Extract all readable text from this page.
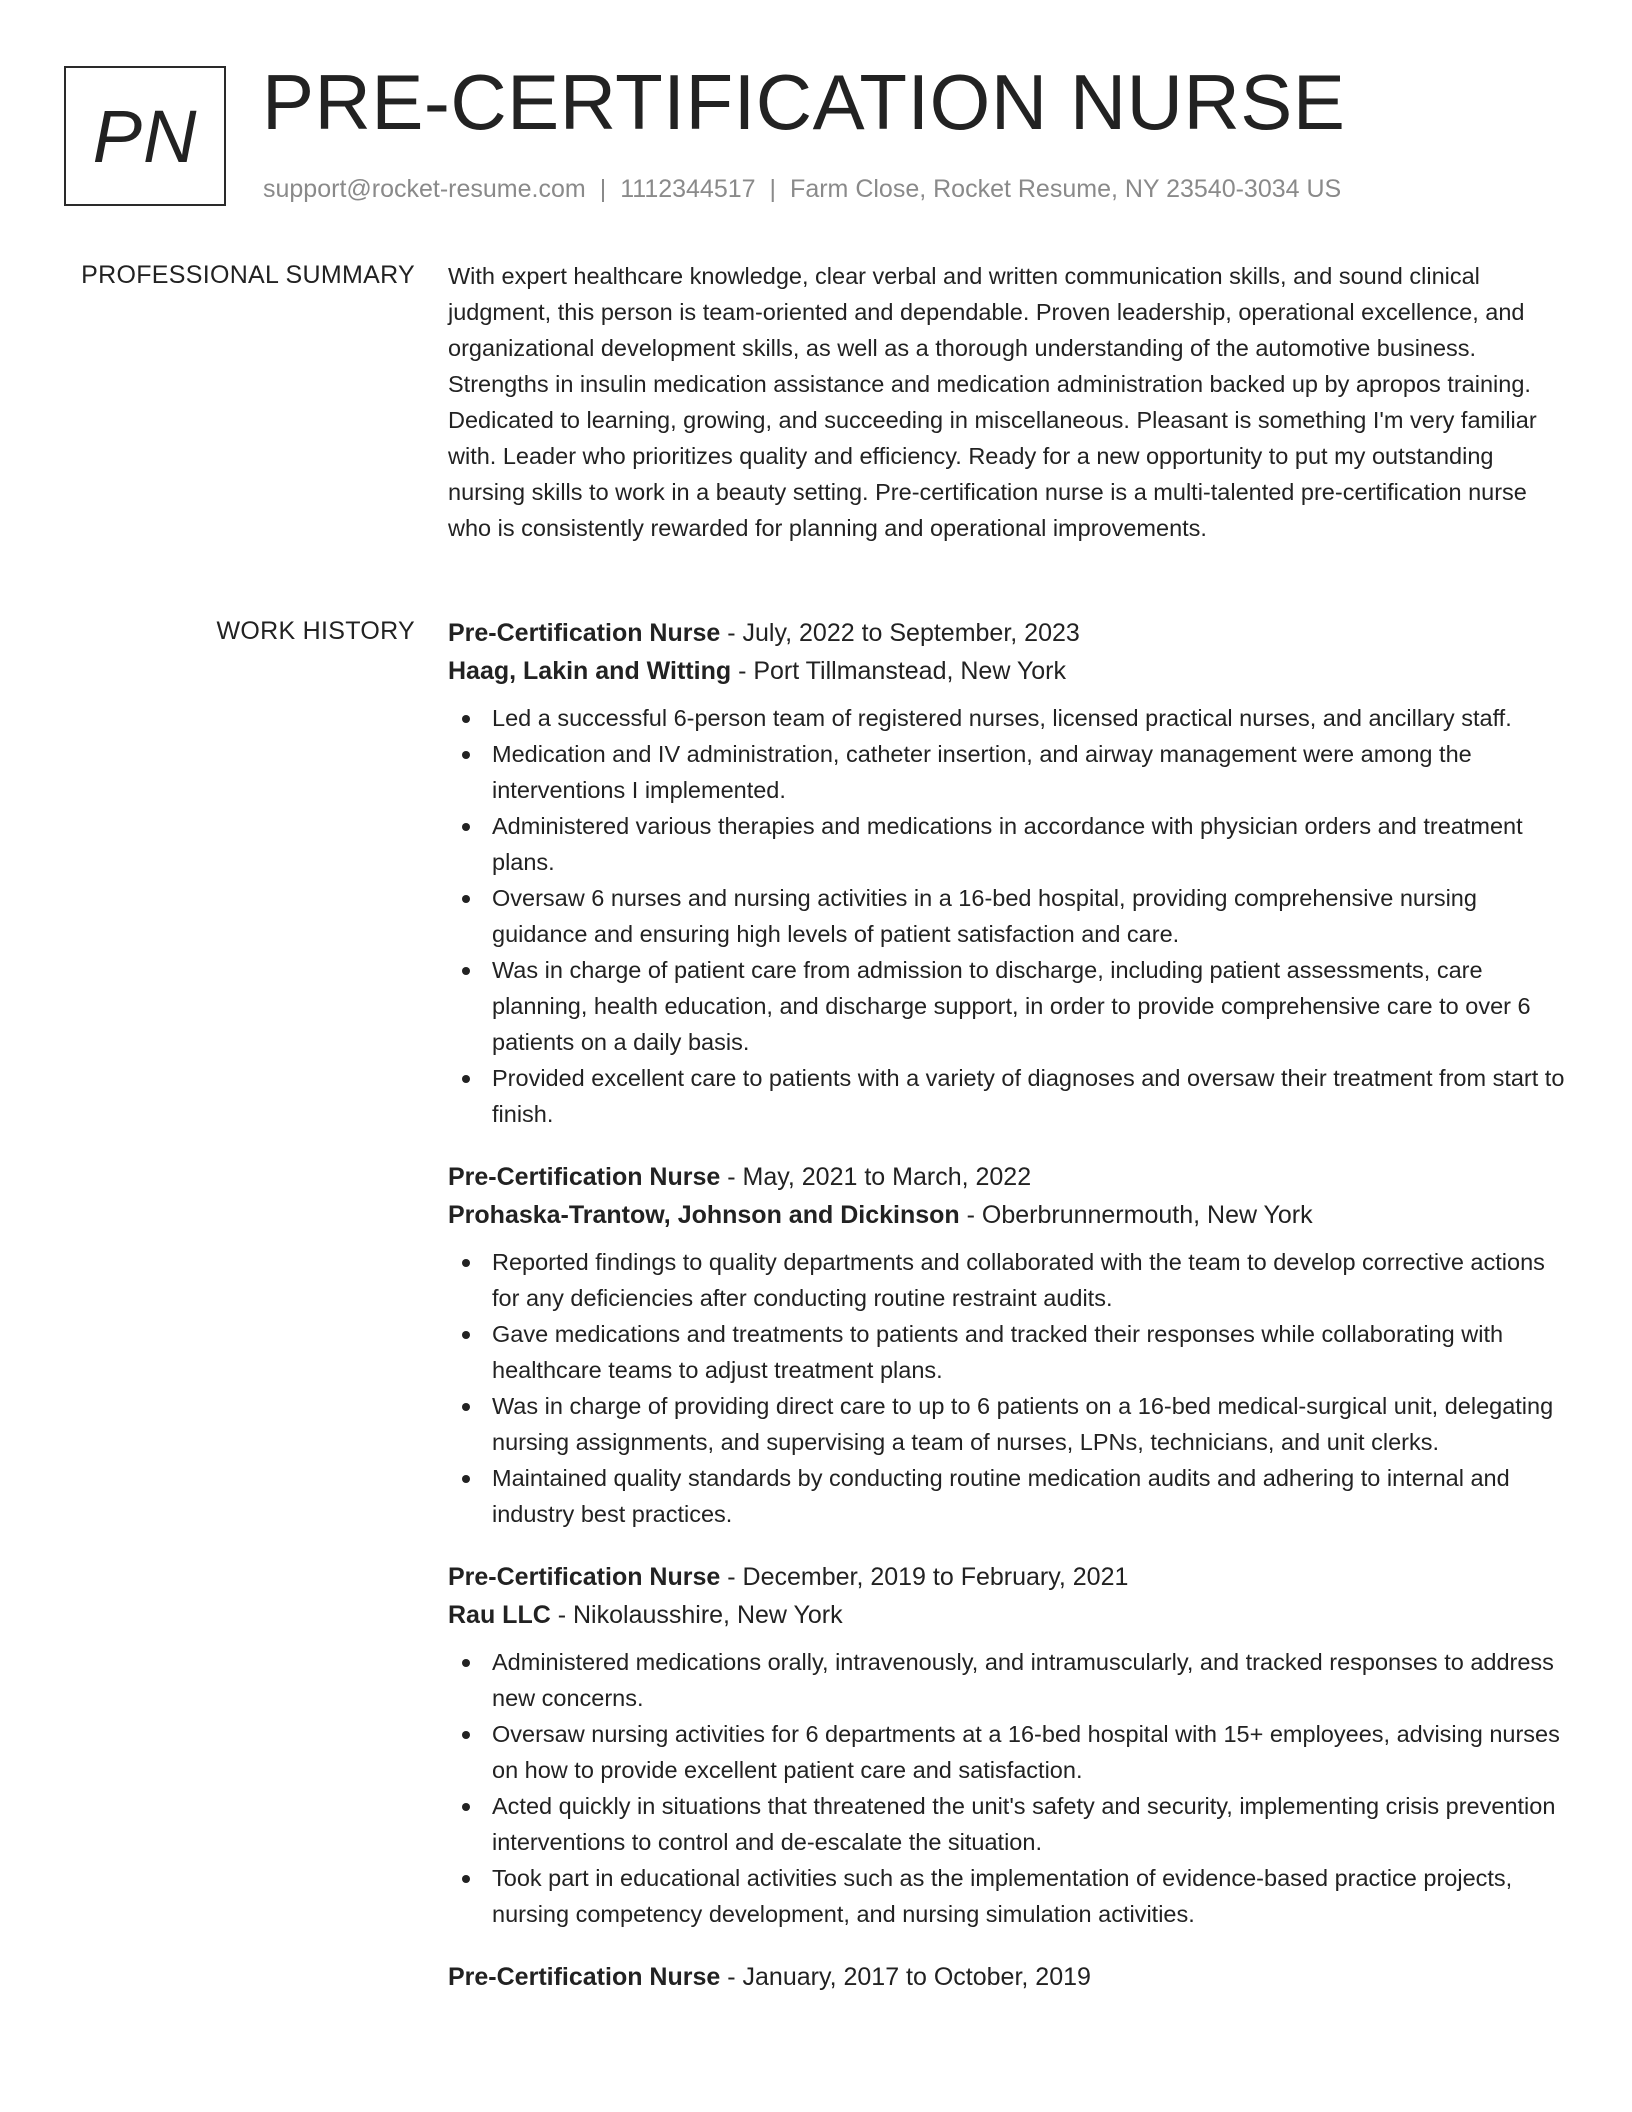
PN PRE-CERTIFICATION NURSE
support@rocket-resume.com | 1112344517 | Farm Close, Rocket Resume, NY 23540-3034 US
PROFESSIONAL SUMMARY With expert healthcare knowledge, clear verbal and written communication skills, and sound clinical judgment, this person is team-oriented and dependable. Proven leadership, operational excellence, and organizational development skills, as well as a thorough understanding of the automotive business. Strengths in insulin medication assistance and medication administration backed up by apropos training. Dedicated to learning, growing, and succeeding in miscellaneous. Pleasant is something I'm very familiar with. Leader who prioritizes quality and efficiency. Ready for a new opportunity to put my outstanding nursing skills to work in a beauty setting. Pre-certification nurse is a multi-talented pre-certification nurse who is consistently rewarded for planning and operational improvements.

WORK HISTORY Pre-Certification Nurse - July, 2022 to September, 2023
Haag, Lakin and Witting - Port Tillmanstead, New York
Led a successful 6-person team of registered nurses, licensed practical nurses, and ancillary staff.
Medication and IV administration, catheter insertion, and airway management were among the interventions I implemented.
Administered various therapies and medications in accordance with physician orders and treatment plans.
Oversaw 6 nurses and nursing activities in a 16-bed hospital, providing comprehensive nursing guidance and ensuring high levels of patient satisfaction and care.
Was in charge of patient care from admission to discharge, including patient assessments, care planning, health education, and discharge support, in order to provide comprehensive care to over 6 patients on a daily basis.
Provided excellent care to patients with a variety of diagnoses and oversaw their treatment from start to finish.
Pre-Certification Nurse - May, 2021 to March, 2022
Prohaska-Trantow, Johnson and Dickinson - Oberbrunnermouth, New York
Reported findings to quality departments and collaborated with the team to develop corrective actions for any deficiencies after conducting routine restraint audits.
Gave medications and treatments to patients and tracked their responses while collaborating with healthcare teams to adjust treatment plans.
Was in charge of providing direct care to up to 6 patients on a 16-bed medical-surgical unit, delegating nursing assignments, and supervising a team of nurses, LPNs, technicians, and unit clerks.
Maintained quality standards by conducting routine medication audits and adhering to internal and industry best practices.
Pre-Certification Nurse - December, 2019 to February, 2021
Rau LLC - Nikolausshire, New York
Administered medications orally, intravenously, and intramuscularly, and tracked responses to address new concerns.
Oversaw nursing activities for 6 departments at a 16-bed hospital with 15+ employees, advising nurses on how to provide excellent patient care and satisfaction.
Acted quickly in situations that threatened the unit's safety and security, implementing crisis prevention interventions to control and de-escalate the situation.
Took part in educational activities such as the implementation of evidence-based practice projects, nursing competency development, and nursing simulation activities.
Pre-Certification Nurse - January, 2017 to October, 2019
